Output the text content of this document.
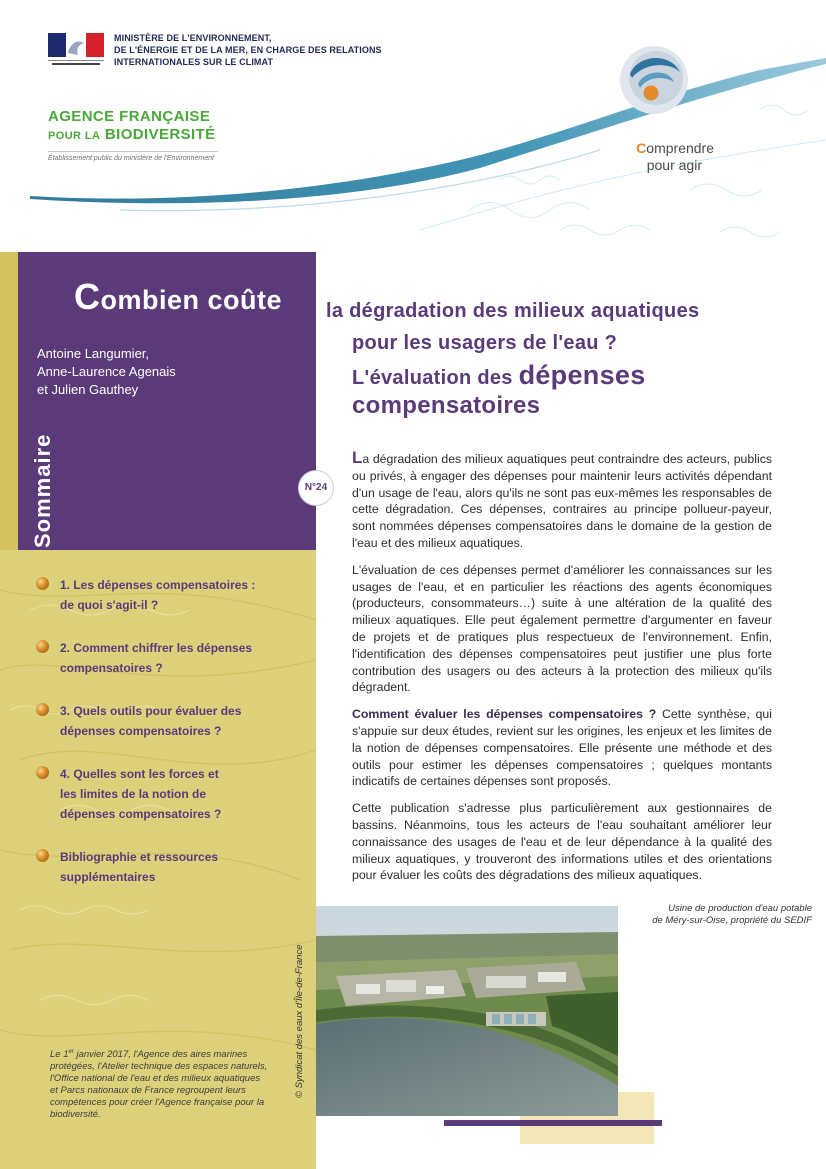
MINISTÈRE DE L'ENVIRONNEMENT,
DE L'ÉNERGIE ET DE LA MER, EN CHARGE DES RELATIONS
INTERNATIONALES SUR LE CLIMAT
AGENCE FRANÇAISE
POUR LA BIODIVERSITÉ
Établissement public du ministère de l'Environnement
Comprendre
pour agir
Antoine Langumier,
Anne-Laurence Agenais
et Julien Gauthey
Sommaire	N°24
1. Les dépenses compensatoires :
de quoi s'agit-il ?
2. Comment chiffrer les dépenses
compensatoires ?
3. Quels outils pour évaluer des
dépenses compensatoires ?
4. Quelles sont les forces et
les limites de la notion de
dépenses compensatoires ?
Bibliographie et ressources
supplémentaires
Le 1er janvier 2017, l'Agence des aires marines protégées, l'Atelier technique des espaces naturels, l'Office national de l'eau et des milieux aquatiques et Parcs nationaux de France regroupent leurs compétences pour créer l'Agence française pour la biodiversité.
© Syndicat des eaux d'Île-de-France
Combien coûte la dégradation des milieux aquatiques
pour les usagers de l'eau ?
L'évaluation des dépenses
compensatoires

La dégradation des milieux aquatiques peut contraindre des acteurs, publics ou privés, à engager des dépenses pour maintenir leurs activités dépendant d'un usage de l'eau, alors qu'ils ne sont pas eux-mêmes les responsables de cette dégradation. Ces dépenses, contraires au principe pollueur-payeur, sont nommées dépenses compensatoires dans le domaine de la gestion de l'eau et des milieux aquatiques.

L'évaluation de ces dépenses permet d'améliorer les connaissances sur les usages de l'eau, et en particulier les réactions des agents économiques (producteurs, consommateurs…) suite à une altération de la qualité des milieux aquatiques. Elle peut également permettre d'argumenter en faveur de projets et de pratiques plus respectueux de l'environnement. Enfin, l'identification des dépenses compensatoires peut justifier une plus forte contribution des usagers ou des acteurs à la protection des milieux qu'ils dégradent.

Comment évaluer les dépenses compensatoires ? Cette synthèse, qui s'appuie sur deux études, revient sur les origines, les enjeux et les limites de la notion de dépenses compensatoires. Elle présente une méthode et des outils pour estimer les dépenses compensatoires ; quelques montants indicatifs de certaines dépenses sont proposés.

Cette publication s'adresse plus particulièrement aux gestionnaires de bassins. Néanmoins, tous les acteurs de l'eau souhaitant améliorer leur connaissance des usages de l'eau et de leur dépendance à la qualité des milieux aquatiques, y trouveront des informations utiles et des orientations pour évaluer les coûts des dégradations des milieux aquatiques.

Usine de production d'eau potable
de Méry-sur-Oise, propriété du SEDIF
